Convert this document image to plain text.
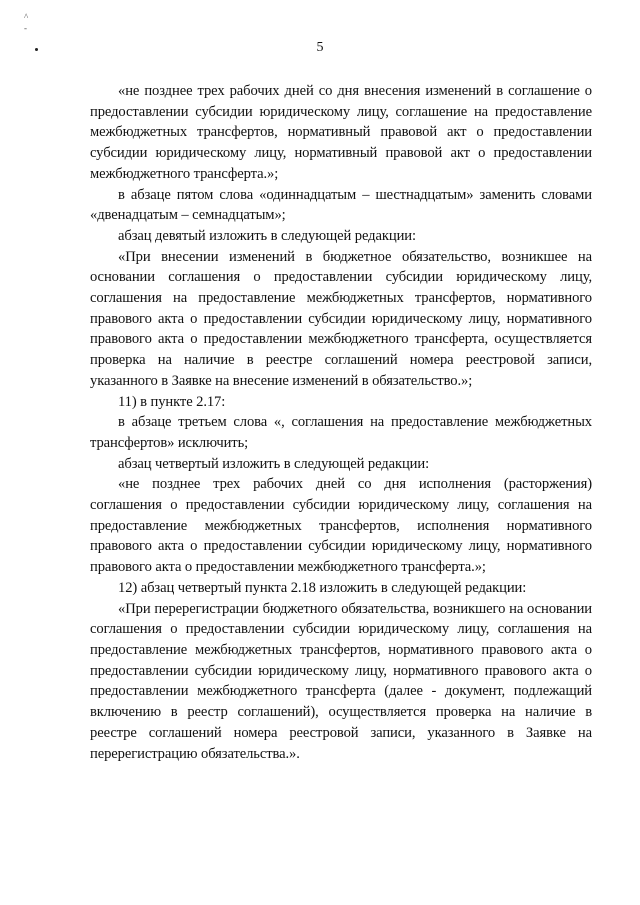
^
-
5

«не позднее трех рабочих дней со дня внесения изменений в соглашение о предоставлении субсидии юридическому лицу, соглашение на предоставление межбюджетных трансфертов, нормативный правовой акт о предоставлении субсидии юридическому лицу, нормативный правовой акт о предоставлении межбюджетного трансферта.»;

в абзаце пятом слова «одиннадцатым – шестнадцатым» заменить словами «двенадцатым – семнадцатым»;

абзац девятый изложить в следующей редакции:

«При внесении изменений в бюджетное обязательство, возникшее на основании соглашения о предоставлении субсидии юридическому лицу, соглашения на предоставление межбюджетных трансфертов, нормативного правового акта о предоставлении субсидии юридическому лицу, нормативного правового акта о предоставлении межбюджетного трансферта, осуществляется проверка на наличие в реестре соглашений номера реестровой записи, указанного в Заявке на внесение изменений в обязательство.»;

11) в пункте 2.17:

в абзаце третьем слова «, соглашения на предоставление межбюджетных трансфертов» исключить;

абзац четвертый изложить в следующей редакции:

«не позднее трех рабочих дней со дня исполнения (расторжения) соглашения о предоставлении субсидии юридическому лицу, соглашения на предоставление межбюджетных трансфертов, исполнения нормативного правового акта о предоставлении субсидии юридическому лицу, нормативного правового акта о предоставлении межбюджетного трансферта.»;

12) абзац четвертый пункта 2.18 изложить в следующей редакции:

«При перерегистрации бюджетного обязательства, возникшего на основании соглашения о предоставлении субсидии юридическому лицу, соглашения на предоставление межбюджетных трансфертов, нормативного правового акта о предоставлении субсидии юридическому лицу, нормативного правового акта о предоставлении межбюджетного трансферта (далее - документ, подлежащий включению в реестр соглашений), осуществляется проверка на наличие в реестре соглашений номера реестровой записи, указанного в Заявке на перерегистрацию обязательства.».
